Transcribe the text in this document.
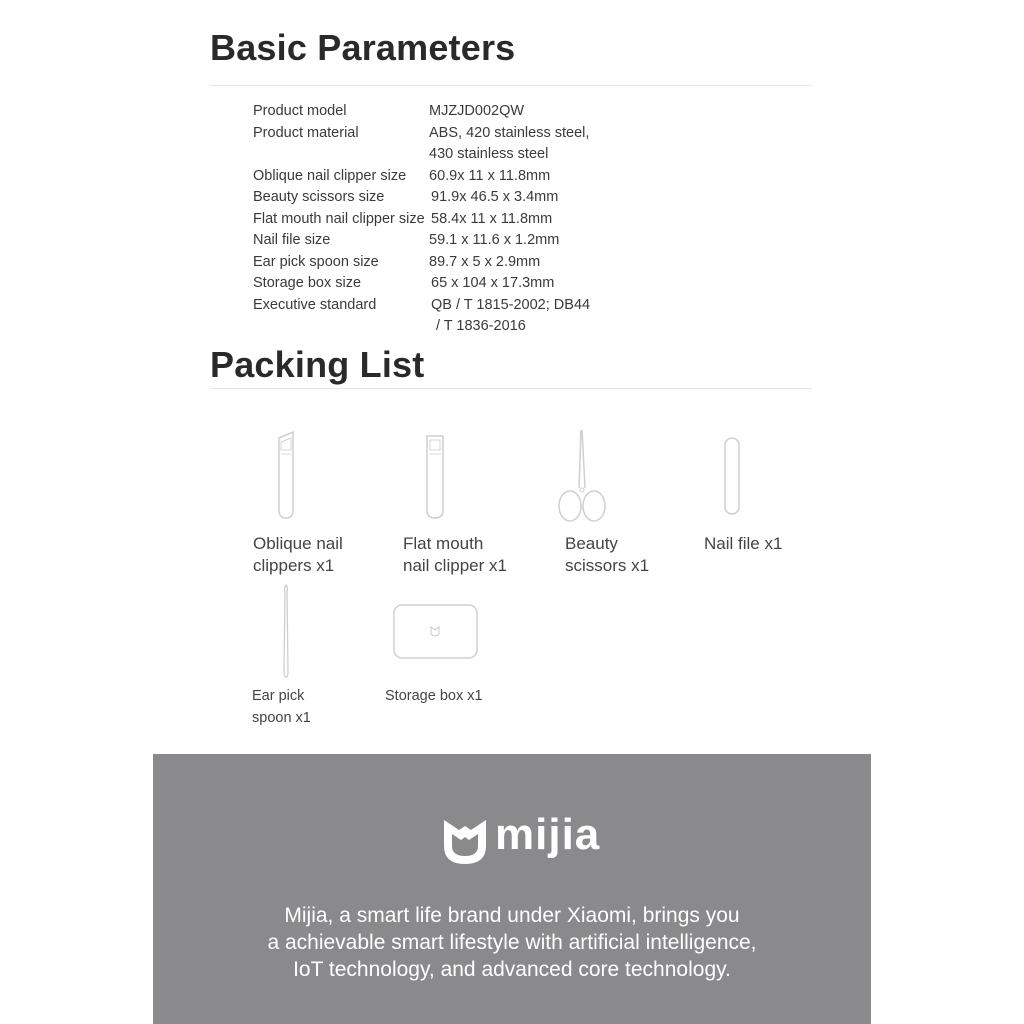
Basic Parameters
Product model	MJZJD002QW
Product material	ABS, 420 stainless steel,
430 stainless steel
Oblique nail clipper size 60.9x 11 x 11.8mm
Beauty scissors size	91.9x 46.5 x 3.4mm
Flat mouth nail clipper size 58.4x 11 x 11.8mm
Nail file size	59.1 x 11.6 x 1.2mm
Ear pick spoon size	89.7 x 5 x 2.9mm
Storage box size	65 x 104 x 17.3mm
Executive standard	QB / T 1815-2002; DB44
/ T 1836-2016
Packing List
Oblique nail
clippers x1
Flat mouth
nail clipper x1
Beauty
scissors x1
Nail file x1
Ear pick
spoon x1
Storage box x1
mijia
Mijia, a smart life brand under Xiaomi, brings you
a achievable smart lifestyle with artificial intelligence,
IoT technology, and advanced core technology.
